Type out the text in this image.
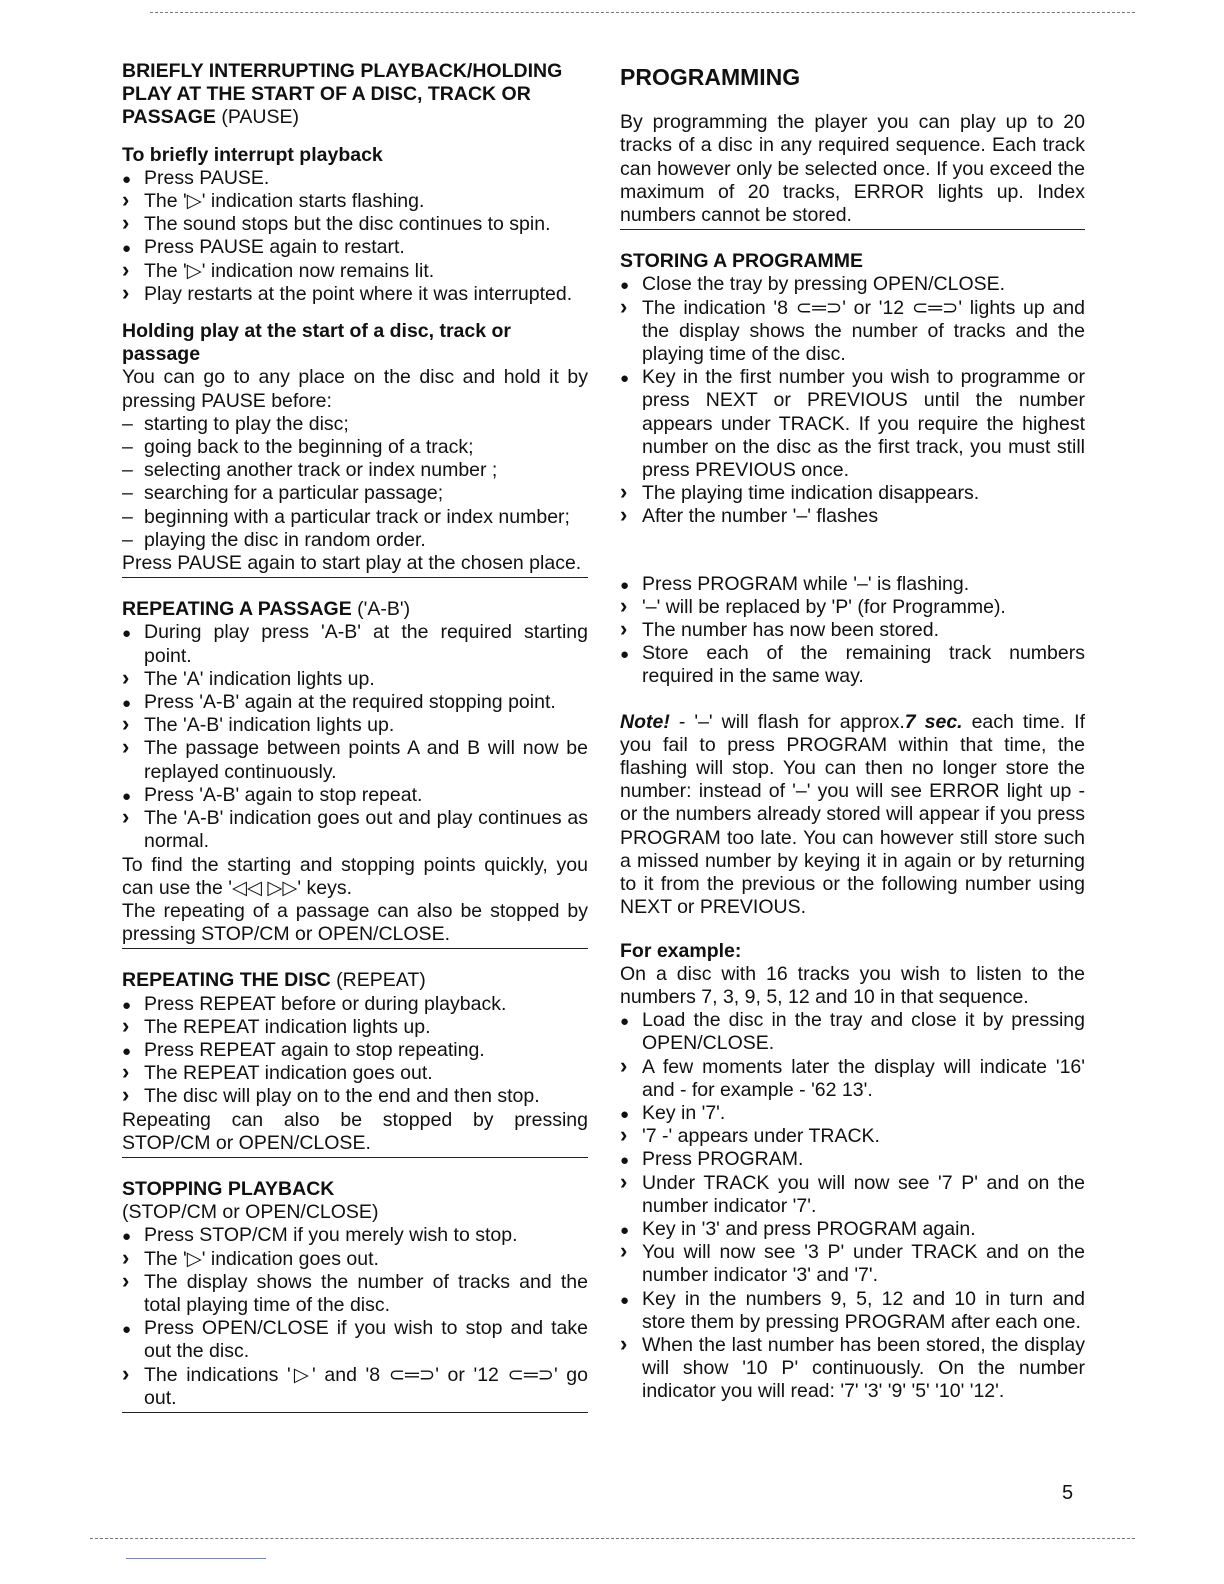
BRIEFLY INTERRUPTING PLAYBACK/HOLDING PLAY AT THE START OF A DISC, TRACK OR PASSAGE (PAUSE)
To briefly interrupt playback
●
Press PAUSE.
›
The '▷' indication starts flashing.
›
The sound stops but the disc continues to spin.
●
Press PAUSE again to restart.
›
The '▷' indication now remains lit.
›
Play restarts at the point where it was interrupted.
Holding play at the start of a disc, track or passage

You can go to any place on the disc and hold it by pressing PAUSE before:

–
starting to play the disc;
–
going back to the beginning of a track;
–
selecting another track or index number ;
–
searching for a particular passage;
–
beginning with a particular track or index number;
–
playing the disc in random order.

Press PAUSE again to start play at the chosen place.

REPEATING A PASSAGE ('A-B')
●
During play press 'A-B' at the required starting point.
›
The 'A' indication lights up.
●
Press 'A-B' again at the required stopping point.
›
The 'A-B' indication lights up.
›
The passage between points A and B will now be replayed continuously.
●
Press 'A-B' again to stop repeat.
›
The 'A-B' indication goes out and play continues as normal.

To find the starting and stopping points quickly, you can use the '◁◁ ▷▷' keys.

The repeating of a passage can also be stopped by pressing STOP/CM or OPEN/CLOSE.

REPEATING THE DISC (REPEAT)
●
Press REPEAT before or during playback.
›
The REPEAT indication lights up.
●
Press REPEAT again to stop repeating.
›
The REPEAT indication goes out.
›
The disc will play on to the end and then stop.

Repeating can also be stopped by pressing STOP/CM or OPEN/CLOSE.

STOPPING PLAYBACK

(STOP/CM or OPEN/CLOSE)

●
Press STOP/CM if you merely wish to stop.
›
The '▷' indication goes out.
›
The display shows the number of tracks and the total playing time of the disc.
●
Press OPEN/CLOSE if you wish to stop and take out the disc.
›
The indications '▷' and '8 ⊂═⊃' or '12 ⊂═⊃' go out.
PROGRAMMING

By programming the player you can play up to 20 tracks of a disc in any required sequence. Each track can however only be selected once. If you exceed the maximum of 20 tracks, ERROR lights up. Index numbers cannot be stored.

STORING A PROGRAMME
●
Close the tray by pressing OPEN/CLOSE.
›
The indication '8 ⊂═⊃' or '12 ⊂═⊃' lights up and the display shows the number of tracks and the playing time of the disc.
●
Key in the first number you wish to programme or press NEXT or PREVIOUS until the number appears under TRACK. If you require the highest number on the disc as the first track, you must still press PREVIOUS once.
›
The playing time indication disappears.
›
After the number '–' flashes
●
Press PROGRAM while '–' is flashing.
›
'–' will be replaced by 'P' (for Programme).
›
The number has now been stored.
●
Store each of the remaining track numbers required in the same way.

Note! - '–' will flash for approx.7 sec. each time. If you fail to press PROGRAM within that time, the flashing will stop. You can then no longer store the number: instead of '–' you will see ERROR light up - or the numbers already stored will appear if you press PROGRAM too late. You can however still store such a missed number by keying it in again or by returning to it from the previous or the following number using NEXT or PREVIOUS.

For example:

On a disc with 16 tracks you wish to listen to the numbers 7, 3, 9, 5, 12 and 10 in that sequence.

●
Load the disc in the tray and close it by pressing OPEN/CLOSE.
›
A few moments later the display will indicate '16' and - for example - '62 13'.
●
Key in '7'.
›
'7 -' appears under TRACK.
●
Press PROGRAM.
›
Under TRACK you will now see '7 P' and on the number indicator '7'.
●
Key in '3' and press PROGRAM again.
›
You will now see '3 P' under TRACK and on the number indicator '3' and '7'.
●
Key in the numbers 9, 5, 12 and 10 in turn and store them by pressing PROGRAM after each one.
›
When the last number has been stored, the display will show '10 P' continuously. On the number indicator you will read: '7' '3' '9' '5' '10' '12'.
5
